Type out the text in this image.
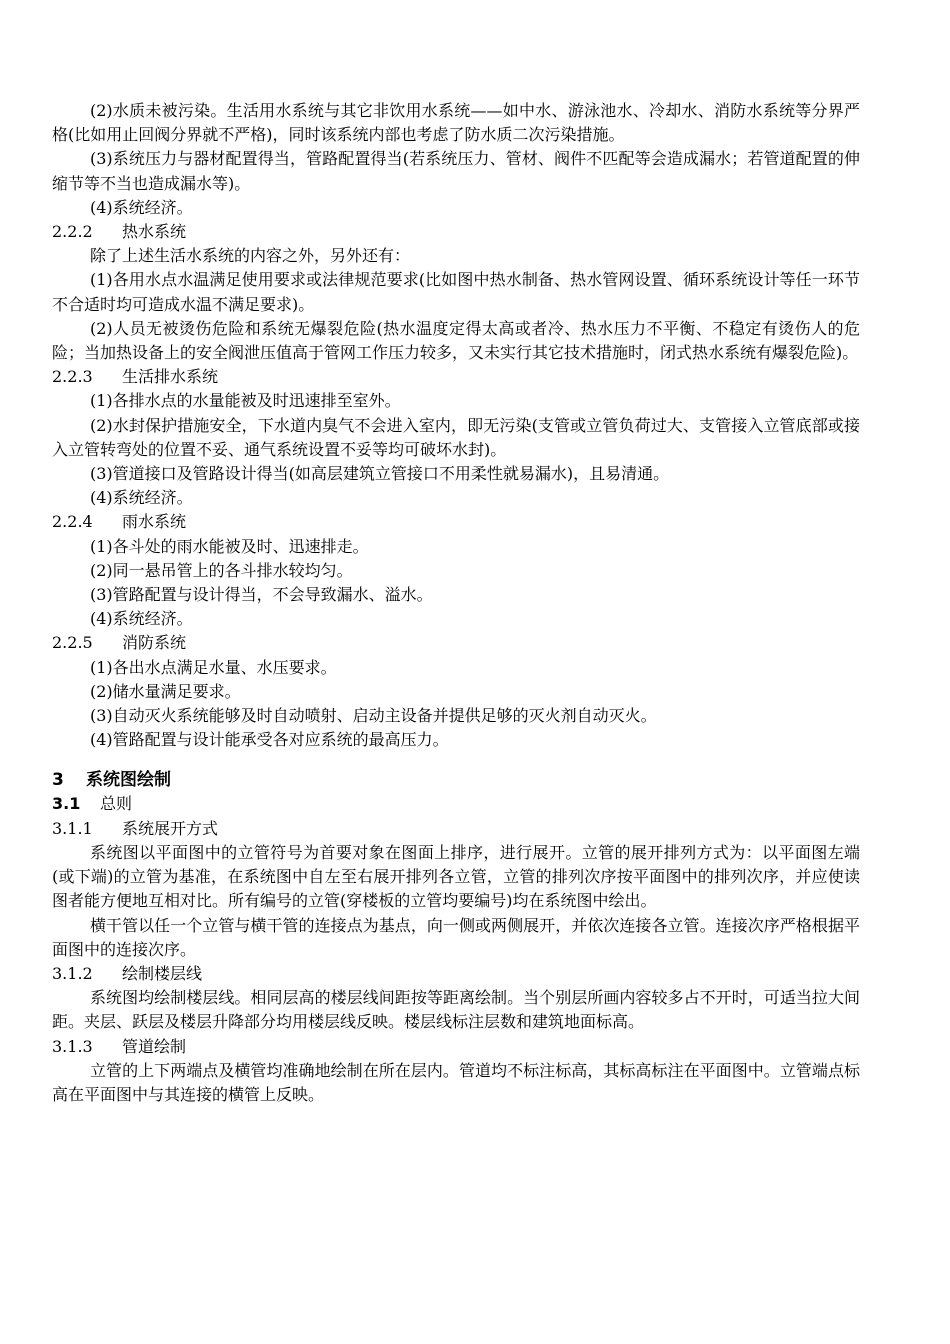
(2)水质未被污染。生活用水系统与其它非饮用水系统——如中水、游泳池水、冷却水、消防水系统等分界严格(比如用止回阀分界就不严格)，同时该系统内部也考虑了防水质二次污染措施。

(3)系统压力与器材配置得当，管路配置得当(若系统压力、管材、阀件不匹配等会造成漏水；若管道配置的伸缩节等不当也造成漏水等)。

(4)系统经济。

2.2.2 热水系统

除了上述生活水系统的内容之外，另外还有：

(1)各用水点水温满足使用要求或法律规范要求(比如图中热水制备、热水管网设置、循环系统设计等任一环节不合适时均可造成水温不满足要求)。

(2)人员无被烫伤危险和系统无爆裂危险(热水温度定得太高或者冷、热水压力不平衡、不稳定有烫伤人的危险；当加热设备上的安全阀泄压值高于管网工作压力较多，又未实行其它技术措施时，闭式热水系统有爆裂危险)。

2.2.3 生活排水系统

(1)各排水点的水量能被及时迅速排至室外。

(2)水封保护措施安全，下水道内臭气不会进入室内，即无污染(支管或立管负荷过大、支管接入立管底部或接入立管转弯处的位置不妥、通气系统设置不妥等均可破坏水封)。

(3)管道接口及管路设计得当(如高层建筑立管接口不用柔性就易漏水)，且易清通。

(4)系统经济。

2.2.4 雨水系统

(1)各斗处的雨水能被及时、迅速排走。

(2)同一悬吊管上的各斗排水较均匀。

(3)管路配置与设计得当，不会导致漏水、溢水。

(4)系统经济。

2.2.5 消防系统

(1)各出水点满足水量、水压要求。

(2)储水量满足要求。

(3)自动灭火系统能够及时自动喷射、启动主设备并提供足够的灭火剂自动灭火。

(4)管路配置与设计能承受各对应系统的最高压力。

3 系统图绘制
3.1 总则
3.1.1 系统展开方式

系统图以平面图中的立管符号为首要对象在图面上排序，进行展开。立管的展开排列方式为：以平面图左端(或下端)的立管为基准，在系统图中自左至右展开排列各立管，立管的排列次序按平面图中的排列次序，并应使读图者能方便地互相对比。所有编号的立管(穿楼板的立管均要编号)均在系统图中绘出。

横干管以任一个立管与横干管的连接点为基点，向一侧或两侧展开，并依次连接各立管。连接次序严格根据平面图中的连接次序。

3.1.2 绘制楼层线

系统图均绘制楼层线。相同层高的楼层线间距按等距离绘制。当个别层所画内容较多占不开时，可适当拉大间距。夹层、跃层及楼层升降部分均用楼层线反映。楼层线标注层数和建筑地面标高。

3.1.3 管道绘制

立管的上下两端点及横管均准确地绘制在所在层内。管道均不标注标高，其标高标注在平面图中。立管端点标高在平面图中与其连接的横管上反映。
